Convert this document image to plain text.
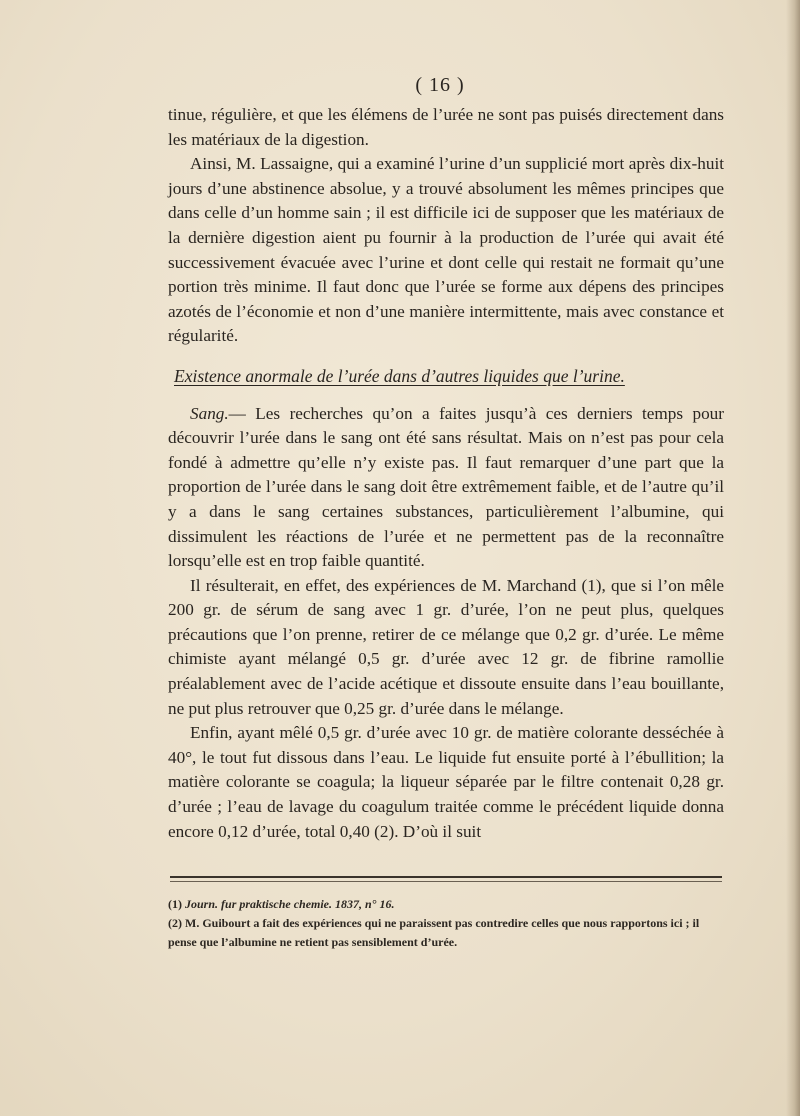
( 16 )

tinue, régulière, et que les élémens de l’urée ne sont pas puisés directement dans les matériaux de la digestion.

Ainsi, M. Lassaigne, qui a examiné l’urine d’un supplicié mort après dix-huit jours d’une abstinence absolue, y a trouvé absolument les mêmes principes que dans celle d’un homme sain ; il est difficile ici de supposer que les matériaux de la dernière digestion aient pu fournir à la production de l’urée qui avait été successivement évacuée avec l’urine et dont celle qui restait ne formait qu’une portion très minime. Il faut donc que l’urée se forme aux dépens des principes azotés de l’économie et non d’une manière intermittente, mais avec constance et régularité.

Existence anormale de l’urée dans d’autres liquides que l’urine.

Sang.— Les recherches qu’on a faites jusqu’à ces derniers temps pour découvrir l’urée dans le sang ont été sans résultat. Mais on n’est pas pour cela fondé à admettre qu’elle n’y existe pas. Il faut remarquer d’une part que la proportion de l’urée dans le sang doit être extrêmement faible, et de l’autre qu’il y a dans le sang certaines substances, particulièrement l’albumine, qui dissimulent les réactions de l’urée et ne permettent pas de la reconnaître lorsqu’elle est en trop faible quantité.

Il résulterait, en effet, des expériences de M. Marchand (1), que si l’on mêle 200 gr. de sérum de sang avec 1 gr. d’urée, l’on ne peut plus, quelques précautions que l’on prenne, retirer de ce mélange que 0,2 gr. d’urée. Le même chimiste ayant mélangé 0,5 gr. d’urée avec 12 gr. de fibrine ramollie préalablement avec de l’acide acétique et dissoute ensuite dans l’eau bouillante, ne put plus retrouver que 0,25 gr. d’urée dans le mélange.

Enfin, ayant mêlé 0,5 gr. d’urée avec 10 gr. de matière colorante desséchée à 40°, le tout fut dissous dans l’eau. Le liquide fut ensuite porté à l’ébullition; la matière colorante se coagula; la liqueur séparée par le filtre contenait 0,28 gr. d’urée ; l’eau de lavage du coagulum traitée comme le précédent liquide donna encore 0,12 d’urée, total 0,40 (2). D’où il suit

(1) Journ. fur praktische chemie. 1837, n° 16.

(2) M. Guibourt a fait des expériences qui ne paraissent pas contredire celles que nous rapportons ici ; il pense que l’albumine ne retient pas sensiblement d’urée.
